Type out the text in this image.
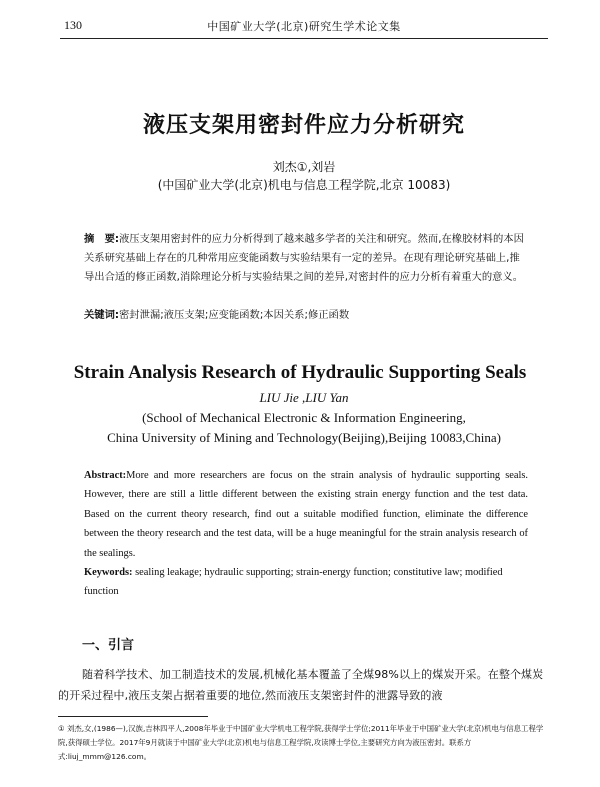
130	中国矿业大学(北京)研究生学术论文集
液压支架用密封件应力分析研究
刘杰①,刘岩
(中国矿业大学(北京)机电与信息工程学院,北京 10083)
摘　要:液压支架用密封件的应力分析得到了越来越多学者的关注和研究。然而,在橡胶材料的本因关系研究基础上存在的几种常用应变能函数与实验结果有一定的差异。在现有理论研究基础上,推导出合适的修正函数,消除理论分析与实验结果之间的差异,对密封件的应力分析有着重大的意义。
关键词:密封泄漏;液压支架;应变能函数;本因关系;修正函数
Strain Analysis Research of Hydraulic Supporting Seals
LIU Jie ,LIU Yan
(School of Mechanical Electronic & Information Engineering,
China University of Mining and Technology(Beijing),Beijing 10083,China)
Abstract:More and more researchers are focus on the strain analysis of hydraulic supporting seals. However, there are still a little different between the existing strain energy function and the test data. Based on the current theory research, find out a suitable modified function, eliminate the difference between the theory research and the test data, will be a huge meaningful for the strain analysis research of the sealings.
Keywords: sealing leakage; hydraulic supporting; strain-energy function; constitutive law; modified function
一、引言
随着科学技术、加工制造技术的发展,机械化基本覆盖了全煤98%以上的煤炭开采。在整个煤炭的开采过程中,液压支架占据着重要的地位,然而液压支架密封件的泄露导致的液
① 刘杰,女,(1986—),汉族,吉林四平人,2008年毕业于中国矿业大学机电工程学院,获得学士学位;2011年毕业于中国矿业大学(北京)机电与信息工程学院,获得硕士学位。2017年9月就读于中国矿业大学(北京)机电与信息工程学院,攻读博士学位,主要研究方向为液压密封。联系方式:liuj_mmm@126.com。
